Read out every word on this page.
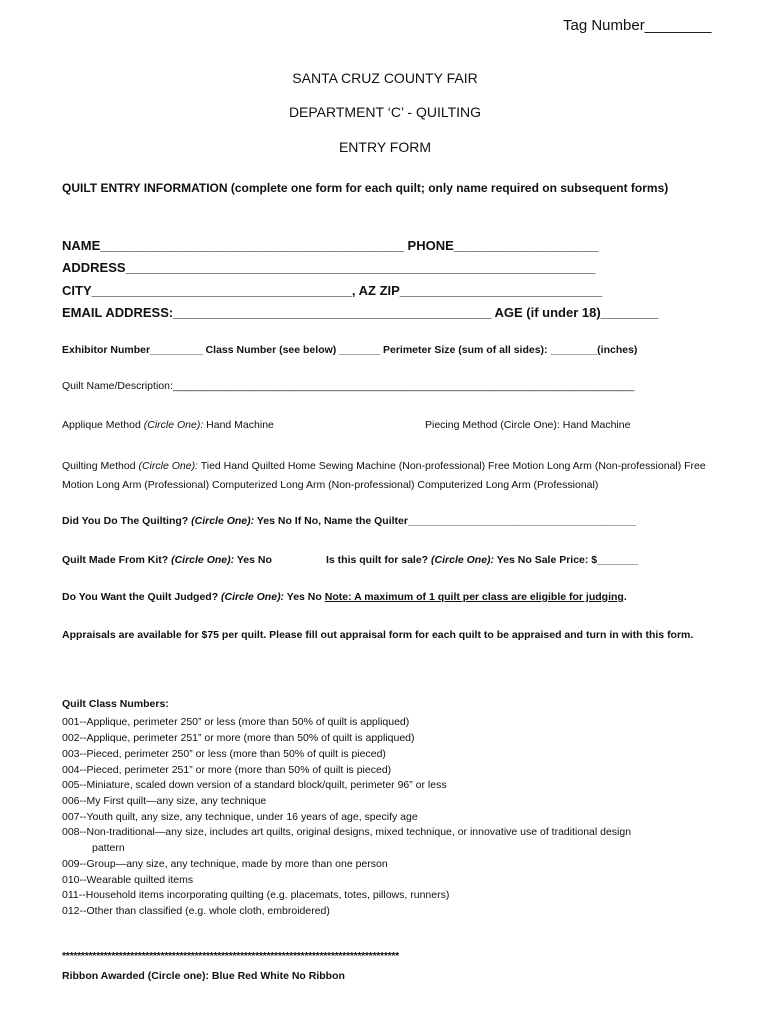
Tag Number________
SANTA CRUZ COUNTY FAIR
DEPARTMENT ‘C’ - QUILTING
ENTRY FORM
QUILT ENTRY INFORMATION (complete one form for each quilt; only name required on subsequent forms)
NAME__________________________________________ PHONE____________________
ADDRESS_________________________________________________________________
CITY____________________________________, AZ ZIP____________________________
EMAIL ADDRESS:____________________________________________ AGE (if under 18)________
Exhibitor Number_________ Class Number (see below) _______ Perimeter Size (sum of all sides): ________(inches)
Quilt Name/Description:_______________________________________________________________________________
Applique Method (Circle One): Hand Machine	Piecing Method (Circle One): Hand Machine
Quilting Method (Circle One): Tied Hand Quilted Home Sewing Machine (Non-professional) Free Motion Long Arm (Non-professional) Free Motion Long Arm (Professional) Computerized Long Arm (Non-professional) Computerized Long Arm (Professional)
Did You Do The Quilting? (Circle One): Yes No If No, Name the Quilter_______________________________________
Quilt Made From Kit? (Circle One): Yes No	Is this quilt for sale? (Circle One): Yes No Sale Price: $_______
Do You Want the Quilt Judged? (Circle One): Yes No Note: A maximum of 1 quilt per class are eligible for judging.
Appraisals are available for $75 per quilt. Please fill out appraisal form for each quilt to be appraised and turn in with this form.
Quilt Class Numbers:
001--Applique, perimeter 250” or less (more than 50% of quilt is appliqued)
002--Applique, perimeter 251” or more (more than 50% of quilt is appliqued)
003--Pieced, perimeter 250” or less (more than 50% of quilt is pieced)
004--Pieced, perimeter 251” or more (more than 50% of quilt is pieced)
005--Miniature, scaled down version of a standard block/quilt, perimeter 96” or less
006--My First quilt—any size, any technique
007--Youth quilt, any size, any technique, under 16 years of age, specify age
008--Non-traditional—any size, includes art quilts, original designs, mixed technique, or innovative use of traditional design
pattern
009--Group—any size, any technique, made by more than one person
010--Wearable quilted items
011--Household items incorporating quilting (e.g. placemats, totes, pillows, runners)
012--Other than classified (e.g. whole cloth, embroidered)
*****************************************************************************************
Ribbon Awarded (Circle one): Blue Red White No Ribbon
